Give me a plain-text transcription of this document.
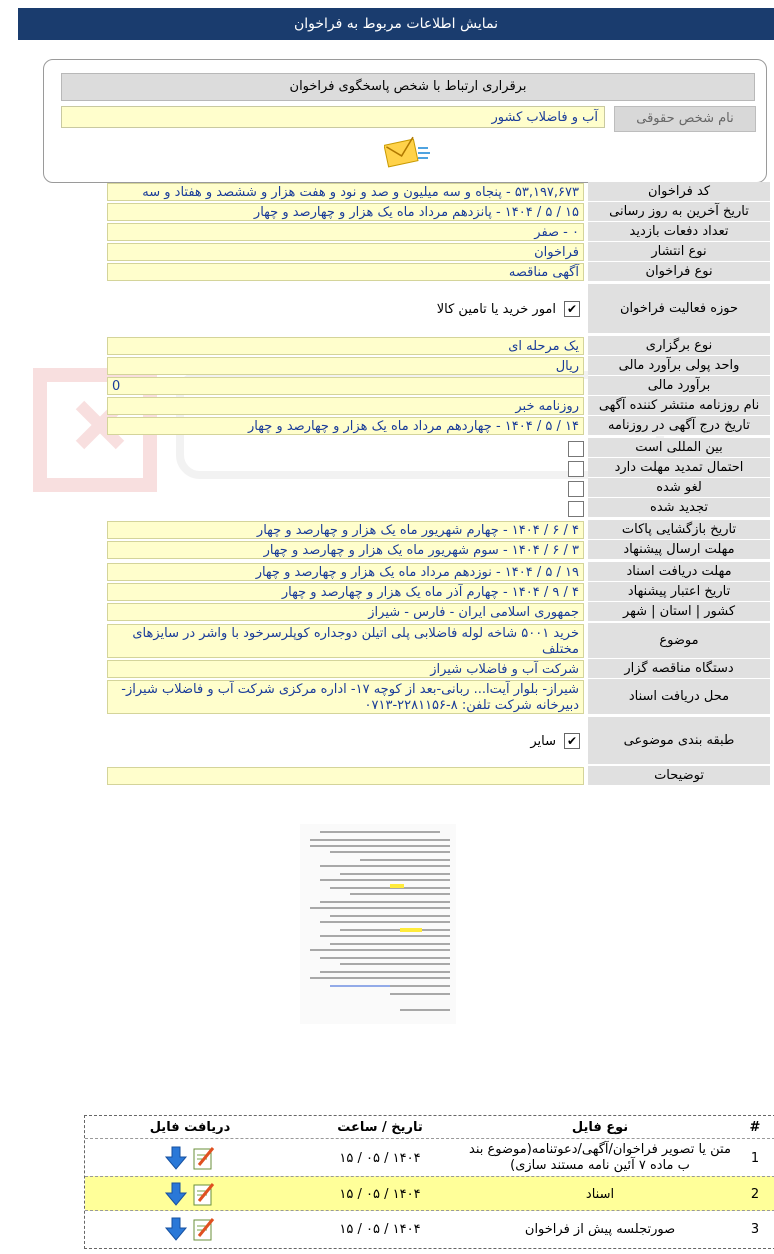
نمایش اطلاعات مربوط به فراخوان
برقراری ارتباط با شخص پاسخگوی فراخوان
نام شخص حقوقی
آب و فاضلاب کشور
کد فراخوان
۵۳,۱۹۷,۶۷۳ - پنجاه و سه میلیون و صد و نود و هفت هزار و ششصد و هفتاد و سه
تاریخ آخرین به روز رسانی
۱۵ / ۵ / ۱۴۰۴ - پانزدهم مرداد ماه یک هزار و چهارصد و چهار
تعداد دفعات بازدید
۰ - صفر
نوع انتشار
فراخوان
نوع فراخوان
آگهی مناقصه
حوزه فعالیت فراخوان
✔
امور خرید یا تامین کالا
نوع برگزاری
یک مرحله ای
واحد پولی برآورد مالی
ریال
برآورد مالی
0
نام روزنامه منتشر کننده آگهی
روزنامه خبر
تاریخ درج آگهی در روزنامه
۱۴ / ۵ / ۱۴۰۴ - چهاردهم مرداد ماه یک هزار و چهارصد و چهار
بین المللی است
احتمال تمدید مهلت دارد
لغو شده
تجدید شده
تاریخ بازگشایی پاکات
۴ / ۶ / ۱۴۰۴ - چهارم شهریور ماه یک هزار و چهارصد و چهار
مهلت ارسال پیشنهاد
۳ / ۶ / ۱۴۰۴ - سوم شهریور ماه یک هزار و چهارصد و چهار
مهلت دریافت اسناد
۱۹ / ۵ / ۱۴۰۴ - نوزدهم مرداد ماه یک هزار و چهارصد و چهار
تاریخ اعتبار پیشنهاد
۴ / ۹ / ۱۴۰۴ - چهارم آذر ماه یک هزار و چهارصد و چهار
کشور | استان | شهر
جمهوری اسلامی ایران - فارس - شیراز
موضوع
خرید ۵۰۰۱ شاخه لوله فاضلابی پلی اتیلن دوجداره کوپلرسرخود با واشر در سایزهای مختلف
دستگاه مناقصه گزار
شرکت آب و فاضلاب شیراز
محل دریافت اسناد
شیراز- بلوار آیت‌ا... ربانی-بعد از کوچه ۱۷- اداره مرکزی شرکت آب و فاضلاب شیراز- دبیرخانه شرکت تلفن: ۸-۲۲۸۱۱۵۶-۰۷۱۳
طبقه بندی موضوعی
✔
سایر
توضیحات
#
نوع فایل
تاریخ / ساعت
دریافت فایل
1
متن یا تصویر فراخوان/آگهی/دعوتنامه(موضوع بند ب ماده ۷ آئین نامه مستند سازی)
۱۴۰۴ / ۰۵ / ۱۵
2
اسناد
۱۴۰۴ / ۰۵ / ۱۵
3
صورتجلسه پیش از فراخوان
۱۴۰۴ / ۰۵ / ۱۵
